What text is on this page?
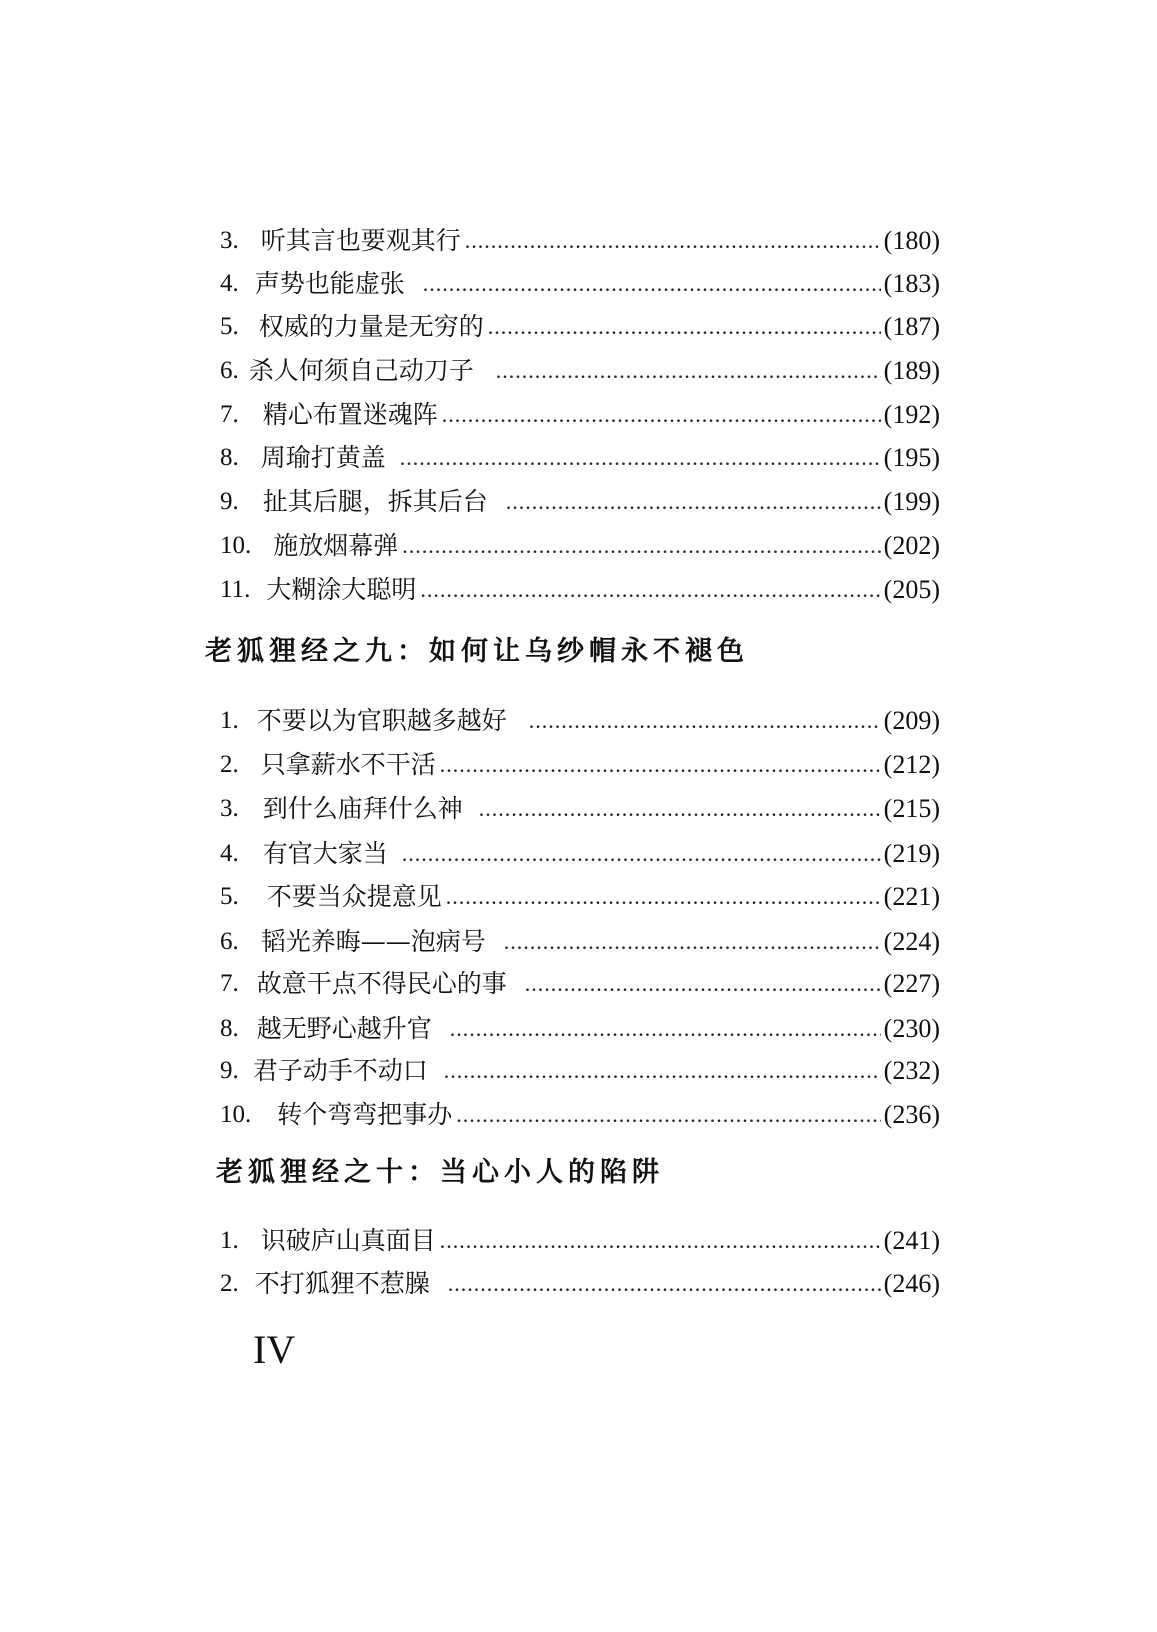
3. 听其言也要观其行 .....	(180)
4. 声势也能虚张 .....	(183)
5. 权威的力量是无穷的 .....	(187)
6. 杀人何须自己动刀子 .....	(189)
7. 精心布置迷魂阵 .....	(192)
8. 周瑜打黄盖 .....	(195)
9. 扯其后腿，拆其后台 .....	(199)
10. 施放烟幕弹 .....	(202)
11. 大糊涂大聪明 .....	(205)
老狐狸经之九：如何让乌纱帽永不褪色
1. 不要以为官职越多越好 .....	(209)
2. 只拿薪水不干活 .....	(212)
3. 到什么庙拜什么神 .....	(215)
4. 有官大家当 .....	(219)
5. 不要当众提意见 .....	(221)
6. 韬光养晦——泡病号 .....	(224)
7. 故意干点不得民心的事 .....	(227)
8. 越无野心越升官 .....	(230)
9. 君子动手不动口 .....	(232)
10. 转个弯弯把事办 .....	(236)
老狐狸经之十：当心小人的陷阱
1. 识破庐山真面目 .....	(241)
2. 不打狐狸不惹臊 .....	(246)
IV
